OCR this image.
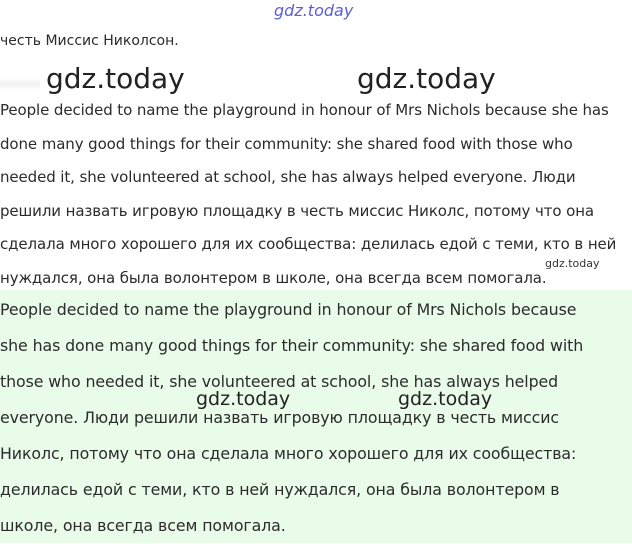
gdz.today
честь Миссис Николсон.
gdz.today	gdz.today

People decided to name the playground in honour of Mrs Nichols because she has
done many good things for their community: she shared food with those who
needed it, she volunteered at school, she has always helped everyone. Люди
решили назвать игровую площадку в честь миссис Николс, потому что она
сделала много хорошего для их сообщества: делилась едой с теми, кто в ней
нуждался, она была волонтером в школе, она всегда всем помогала.

gdz.today

People decided to name the playground in honour of Mrs Nichols because
she has done many good things for their community: she shared food with
those who needed it, she volunteered at school, she has always helped
everyone. Люди решили назвать игровую площадку в честь миссис
Николс, потому что она сделала много хорошего для их сообщества:
делилась едой с теми, кто в ней нуждался, она была волонтером в
школе, она всегда всем помогала.

gdz.today	gdz.today
